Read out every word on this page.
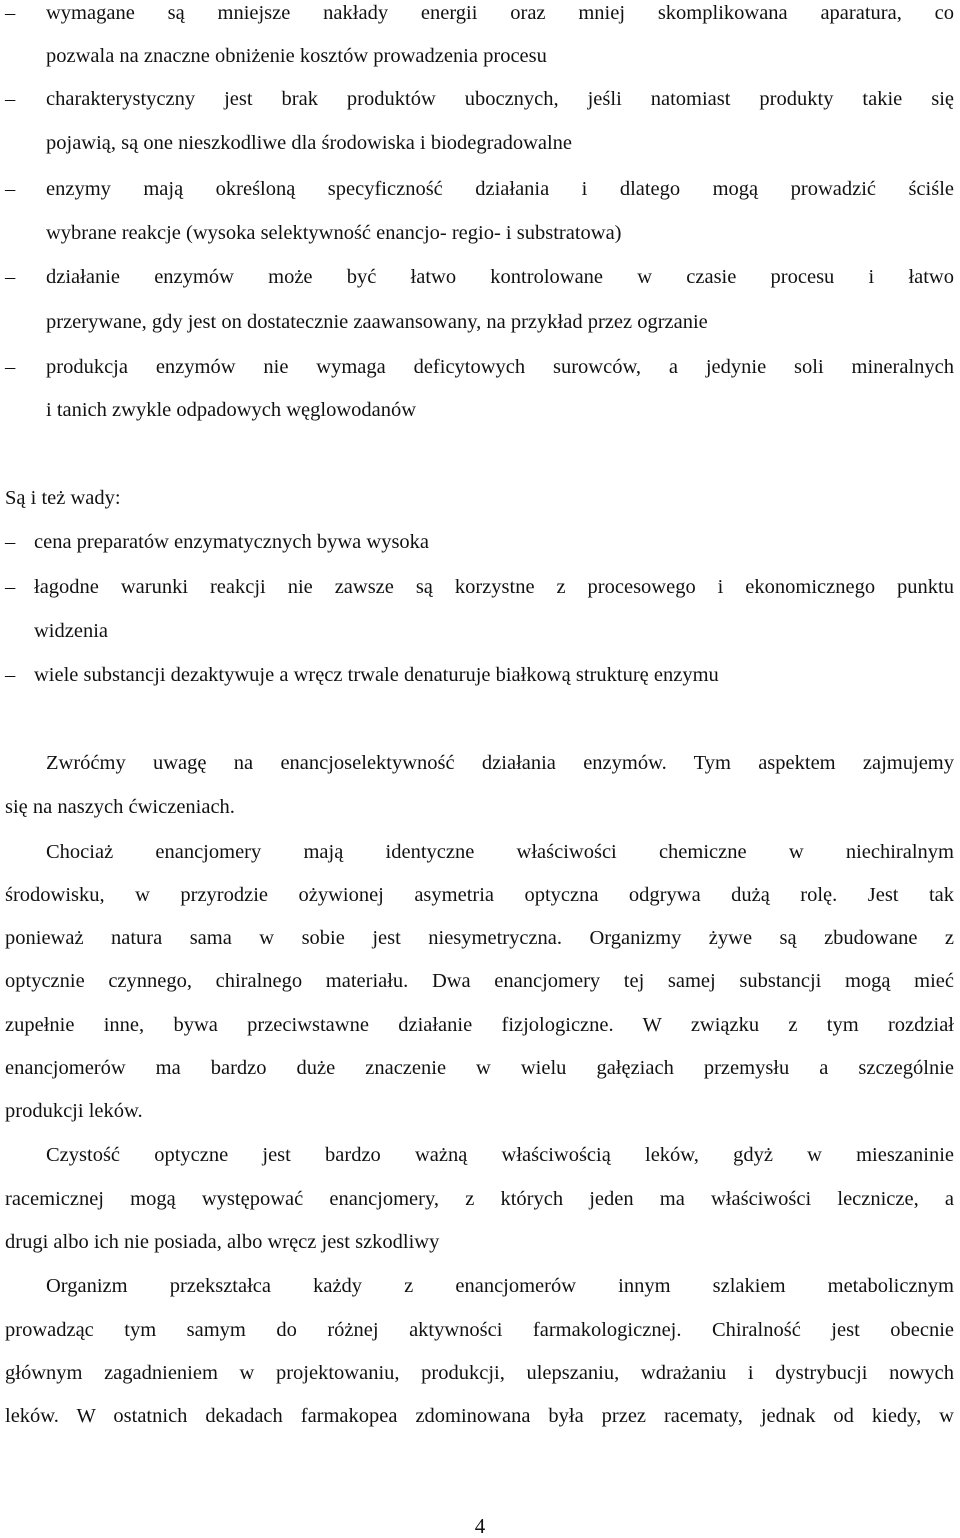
– wymagane są mniejsze nakłady energii oraz mniej skomplikowana aparatura, co
pozwala na znaczne obniżenie kosztów prowadzenia procesu
– charakterystyczny jest brak produktów ubocznych, jeśli natomiast produkty takie się
pojawią, są one nieszkodliwe dla środowiska i biodegradowalne
– enzymy mają określoną specyficzność działania i dlatego mogą prowadzić ściśle
wybrane reakcje (wysoka selektywność enancjo- regio- i substratowa)
– działanie enzymów może być łatwo kontrolowane w czasie procesu i łatwo
przerywane, gdy jest on dostatecznie zaawansowany, na przykład przez ogrzanie
– produkcja enzymów nie wymaga deficytowych surowców, a jedynie soli mineralnych
i tanich zwykle odpadowych węglowodanów
Są i też wady:
– cena preparatów enzymatycznych bywa wysoka
– łagodne warunki reakcji nie zawsze są korzystne z procesowego i ekonomicznego punktu
widzenia
– wiele substancji dezaktywuje a wręcz trwale denaturuje białkową strukturę enzymu
Zwróćmy uwagę na enancjoselektywność działania enzymów. Tym aspektem zajmujemy
się na naszych ćwiczeniach.
Chociaż enancjomery mają identyczne właściwości chemiczne w niechiralnym
środowisku, w przyrodzie ożywionej asymetria optyczna odgrywa dużą rolę. Jest tak
ponieważ natura sama w sobie jest niesymetryczna. Organizmy żywe są zbudowane z
optycznie czynnego, chiralnego materiału. Dwa enancjomery tej samej substancji mogą mieć
zupełnie inne, bywa przeciwstawne działanie fizjologiczne. W związku z tym rozdział
enancjomerów ma bardzo duże znaczenie w wielu gałęziach przemysłu a szczególnie
produkcji leków.
Czystość optyczne jest bardzo ważną właściwością leków, gdyż w mieszaninie
racemicznej mogą występować enancjomery, z których jeden ma właściwości lecznicze, a
drugi albo ich nie posiada, albo wręcz jest szkodliwy
Organizm przekształca każdy z enancjomerów innym szlakiem metabolicznym
prowadząc tym samym do różnej aktywności farmakologicznej. Chiralność jest obecnie
głównym zagadnieniem w projektowaniu, produkcji, ulepszaniu, wdrażaniu i dystrybucji nowych
leków. W ostatnich dekadach farmakopea zdominowana była przez racematy, jednak od kiedy, w
4
